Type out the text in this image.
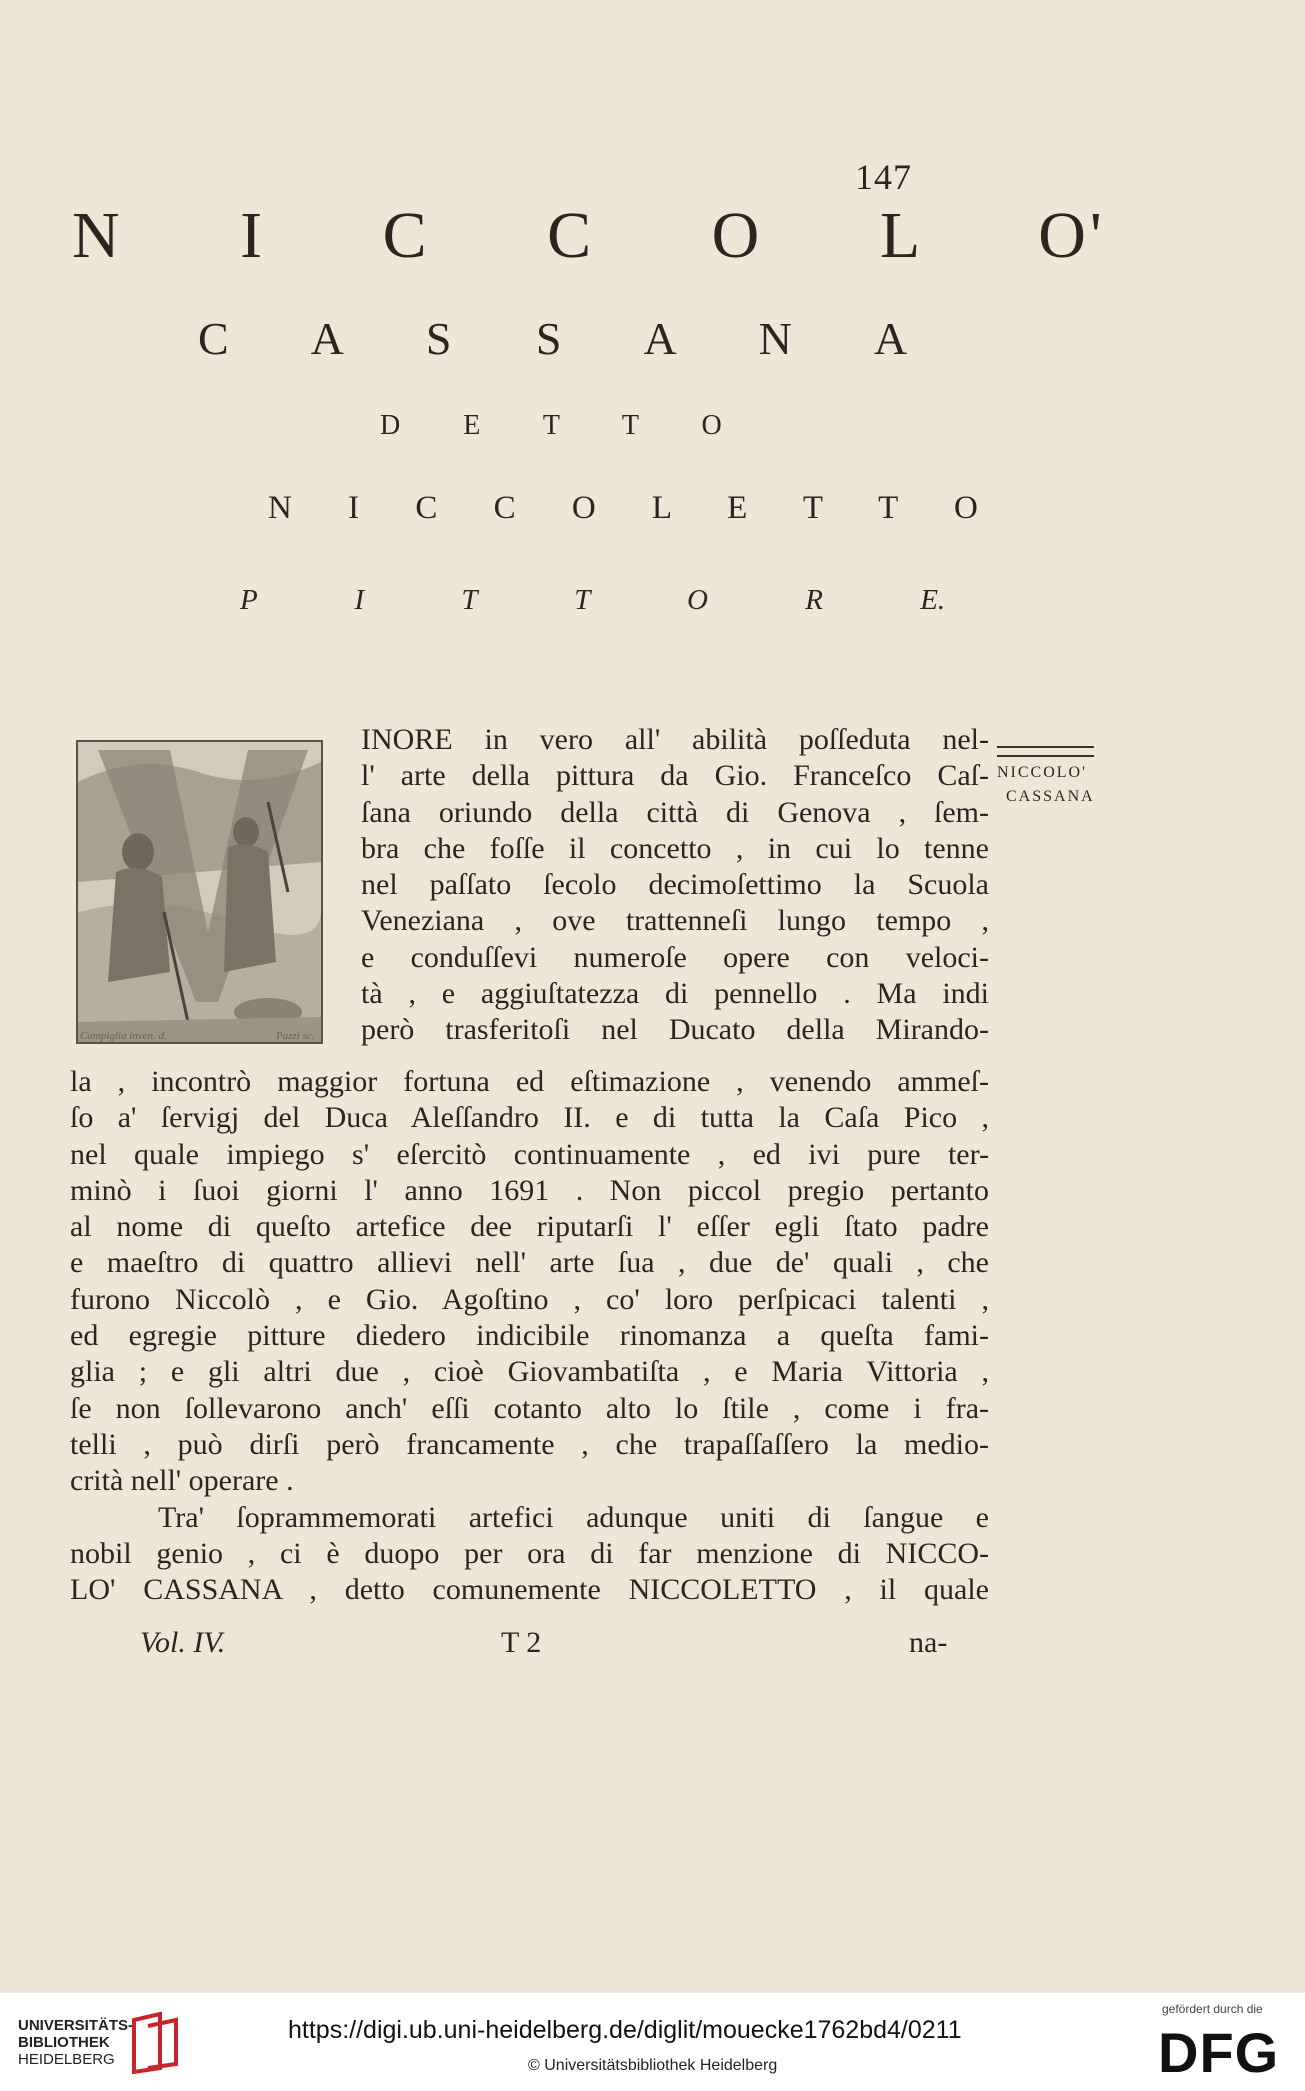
147
N I C C O L O'
C A S S A N A
D E T T O
N I C C O L E T T O
P I T T O R E.
Campiglia inven. d.	Pazzi sc.
INORE in vero all' abilità poſſeduta nel-
l' arte della pittura da Gio. Franceſco Caſ-
ſana oriundo della città di Genova , ſem-
bra che foſſe il concetto , in cui lo tenne
nel paſſato ſecolo decimoſettimo la Scuola
Veneziana , ove trattenneſi lungo tempo ,
e conduſſevi numeroſe opere con veloci-
tà , e aggiuſtatezza di pennello . Ma indi
però trasferitoſi nel Ducato della Mirando-
la , incontrò maggior fortuna ed eſtimazione , venendo ammeſ-
ſo a' ſervigj del Duca Aleſſandro II. e di tutta la Caſa Pico ,
nel quale impiego s' eſercitò continuamente , ed ivi pure ter-
minò i ſuoi giorni l' anno 1691 . Non piccol pregio pertanto
al nome di queſto artefice dee riputarſi l' eſſer egli ſtato padre
e maeſtro di quattro allievi nell' arte ſua , due de' quali , che
furono Niccolò , e Gio. Agoſtino , co' loro perſpicaci talenti ,
ed egregie pitture diedero indicibile rinomanza a queſta fami-
glia ; e gli altri due , cioè Giovambatiſta , e Maria Vittoria ,
ſe non ſollevarono anch' eſſi cotanto alto lo ſtile , come i fra-
telli , può dirſi però francamente , che trapaſſaſſero la medio-
crità nell' operare .
Tra' ſoprammemorati artefici adunque uniti di ſangue e
nobil genio , ci è duopo per ora di far menzione di NICCO-
LO' CASSANA , detto comunemente NICCOLETTO , il quale
NICCOLO'
CASSANA
Vol. IV.	T 2	na-
UNIVERSITÄTS-
BIBLIOTHEK
HEIDELBERG
https://digi.ub.uni-heidelberg.de/diglit/mouecke1762bd4/0211
© Universitätsbibliothek Heidelberg
gefördert durch die
DFG
